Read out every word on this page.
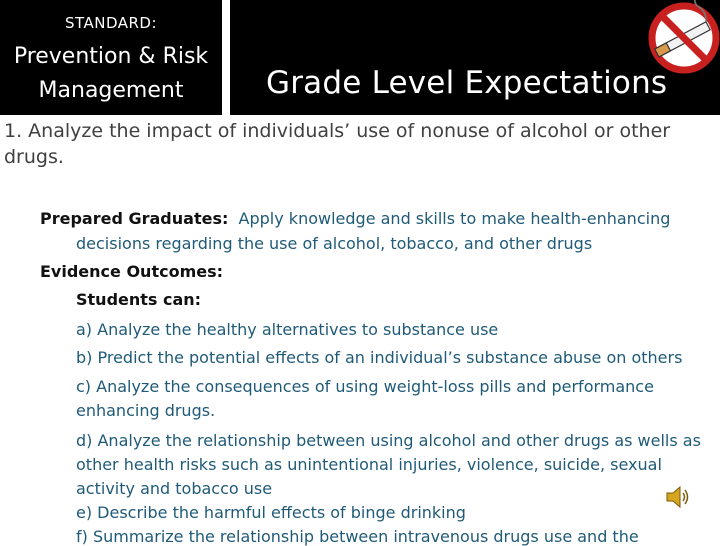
STANDARD:
Prevention & Risk
Management	Grade Level Expectations
1. Analyze the impact of individuals’ use of nonuse of alcohol or other
drugs.
Prepared Graduates: Apply knowledge and skills to make health-enhancing
decisions regarding the use of alcohol, tobacco, and other drugs
Evidence Outcomes:
Students can:
a) Analyze the healthy alternatives to substance use
b) Predict the potential effects of an individual’s substance abuse on others
c) Analyze the consequences of using weight-loss pills and performance
enhancing drugs.
d) Analyze the relationship between using alcohol and other drugs as wells as
other health risks such as unintentional injuries, violence, suicide, sexual
activity and tobacco use
e) Describe the harmful effects of binge drinking
f) Summarize the relationship between intravenous drugs use and the
